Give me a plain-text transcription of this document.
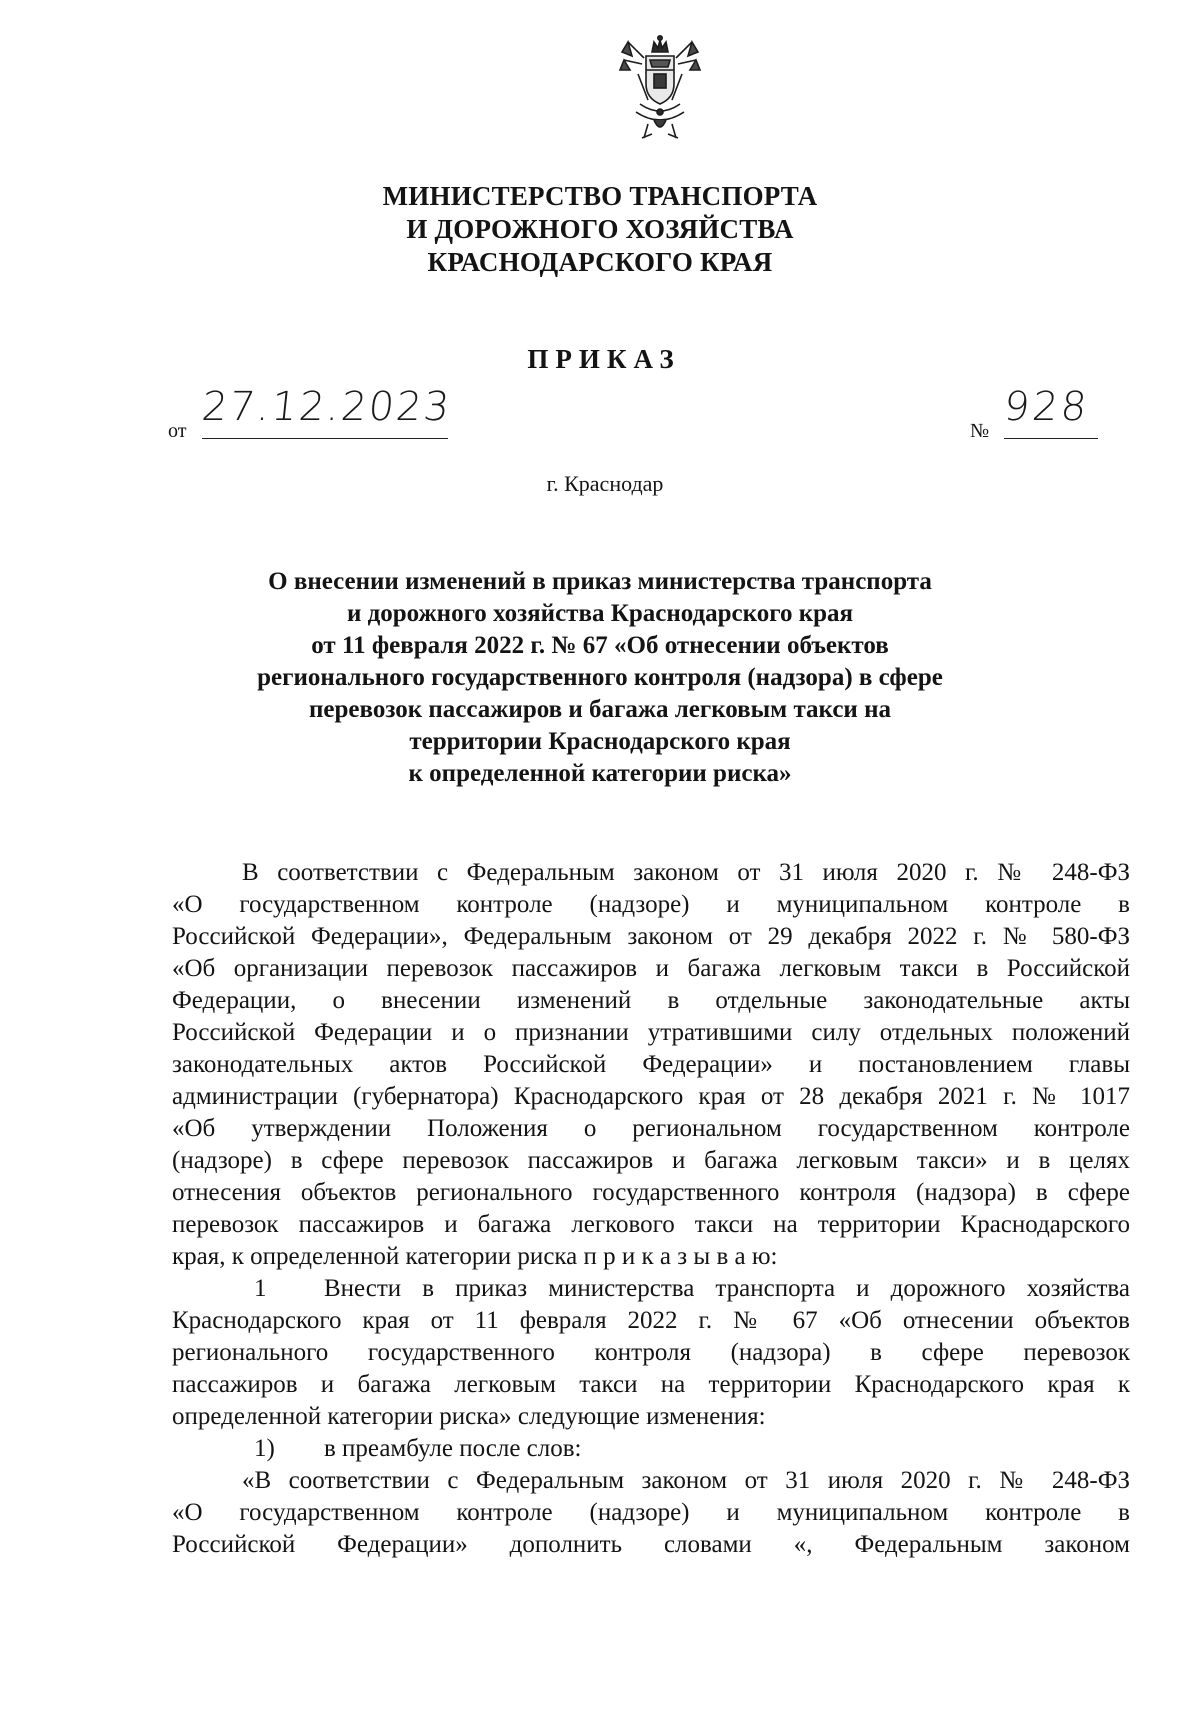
МИНИСТЕРСТВО ТРАНСПОРТА
И ДОРОЖНОГО ХОЗЯЙСТВА
КРАСНОДАРСКОГО КРАЯ
ПРИКАЗ
от
27.12.2023
№
928
г. Краснодар
О внесении изменений в приказ министерства транспорта
и дорожного хозяйства Краснодарского края
от 11 февраля 2022 г. № 67 «Об отнесении объектов
регионального государственного контроля (надзора) в сфере
перевозок пассажиров и багажа легковым такси на
территории Краснодарского края
к определенной категории риска»
В соответствии с Федеральным законом от 31 июля 2020 г. № 248-ФЗ
«О государственном контроле (надзоре) и муниципальном контроле в
Российской Федерации», Федеральным законом от 29 декабря 2022 г. № 580-ФЗ
«Об организации перевозок пассажиров и багажа легковым такси в Российской
Федерации, о внесении изменений в отдельные законодательные акты
Российской Федерации и о признании утратившими силу отдельных положений
законодательных актов Российской Федерации» и постановлением главы
администрации (губернатора) Краснодарского края от 28 декабря 2021 г. № 1017
«Об утверждении Положения о региональном государственном контроле
(надзоре) в сфере перевозок пассажиров и багажа легковым такси» и в целях
отнесения объектов регионального государственного контроля (надзора) в сфере
перевозок пассажиров и багажа легкового такси на территории Краснодарского
края, к определенной категории риска п р и к а з ы в а ю:
1	Внести в приказ министерства транспорта и дорожного хозяйства
Краснодарского края от 11 февраля 2022 г. № 67 «Об отнесении объектов
регионального государственного контроля (надзора) в сфере перевозок
пассажиров и багажа легковым такси на территории Краснодарского края к
определенной категории риска» следующие изменения:
1)	в преамбуле после слов:
«В соответствии с Федеральным законом от 31 июля 2020 г. № 248-ФЗ
«О государственном контроле (надзоре) и муниципальном контроле в
Российской Федерации» дополнить словами «, Федеральным законом
